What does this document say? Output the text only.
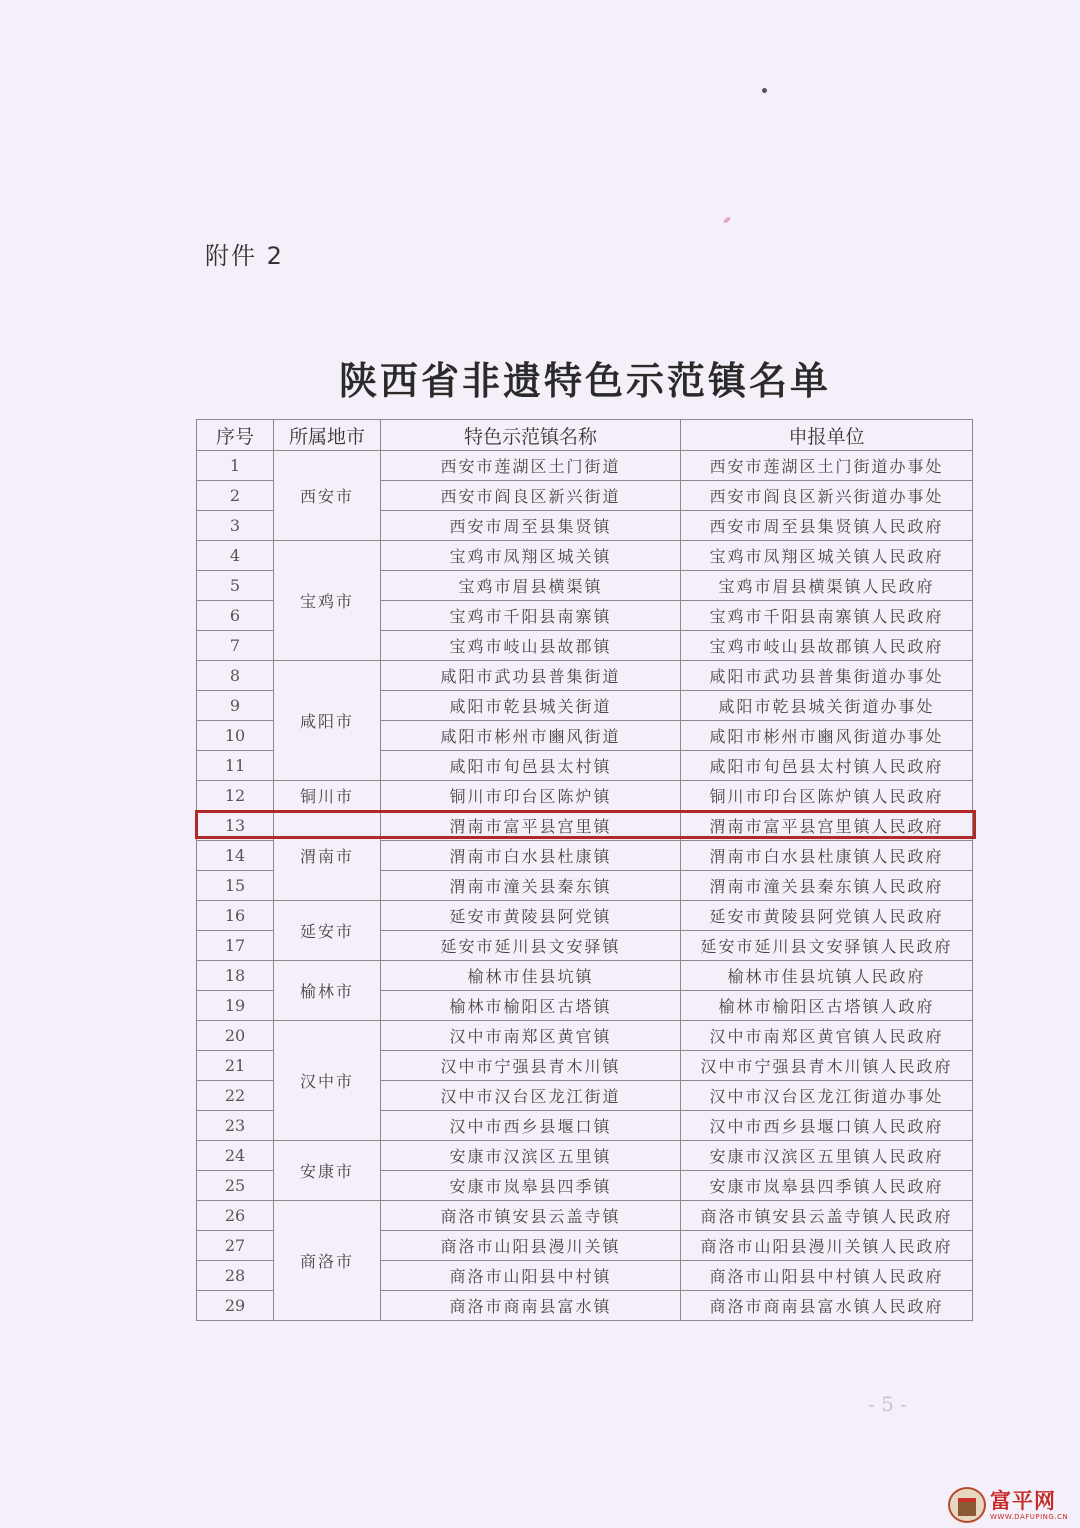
附件 2
陕西省非遗特色示范镇名单
序号	所属地市	特色示范镇名称	申报单位
1	西安市	西安市莲湖区土门街道	西安市莲湖区土门街道办事处
2		西安市阎良区新兴街道	西安市阎良区新兴街道办事处
3		西安市周至县集贤镇	西安市周至县集贤镇人民政府
4	宝鸡市	宝鸡市凤翔区城关镇	宝鸡市凤翔区城关镇人民政府
5		宝鸡市眉县横渠镇	宝鸡市眉县横渠镇人民政府
6		宝鸡市千阳县南寨镇	宝鸡市千阳县南寨镇人民政府
7		宝鸡市岐山县故郡镇	宝鸡市岐山县故郡镇人民政府
8	咸阳市	咸阳市武功县普集街道	咸阳市武功县普集街道办事处
9		咸阳市乾县城关街道	咸阳市乾县城关街道办事处
10		咸阳市彬州市豳风街道	咸阳市彬州市豳风街道办事处
11		咸阳市旬邑县太村镇	咸阳市旬邑县太村镇人民政府
12	铜川市	铜川市印台区陈炉镇	铜川市印台区陈炉镇人民政府
13	渭南市	渭南市富平县宫里镇	渭南市富平县宫里镇人民政府
14		渭南市白水县杜康镇	渭南市白水县杜康镇人民政府
15		渭南市潼关县秦东镇	渭南市潼关县秦东镇人民政府
16	延安市	延安市黄陵县阿党镇	延安市黄陵县阿党镇人民政府
17		延安市延川县文安驿镇	延安市延川县文安驿镇人民政府
18	榆林市	榆林市佳县坑镇	榆林市佳县坑镇人民政府
19		榆林市榆阳区古塔镇	榆林市榆阳区古塔镇人政府
20	汉中市	汉中市南郑区黄官镇	汉中市南郑区黄官镇人民政府
21		汉中市宁强县青木川镇	汉中市宁强县青木川镇人民政府
22		汉中市汉台区龙江街道	汉中市汉台区龙江街道办事处
23		汉中市西乡县堰口镇	汉中市西乡县堰口镇人民政府
24	安康市	安康市汉滨区五里镇	安康市汉滨区五里镇人民政府
25		安康市岚皋县四季镇	安康市岚皋县四季镇人民政府
26	商洛市	商洛市镇安县云盖寺镇	商洛市镇安县云盖寺镇人民政府
27		商洛市山阳县漫川关镇	商洛市山阳县漫川关镇人民政府
28		商洛市山阳县中村镇	商洛市山阳县中村镇人民政府
29		商洛市商南县富水镇	商洛市商南县富水镇人民政府
- 5 -
富平网
WWW.DAFUPING.CN
